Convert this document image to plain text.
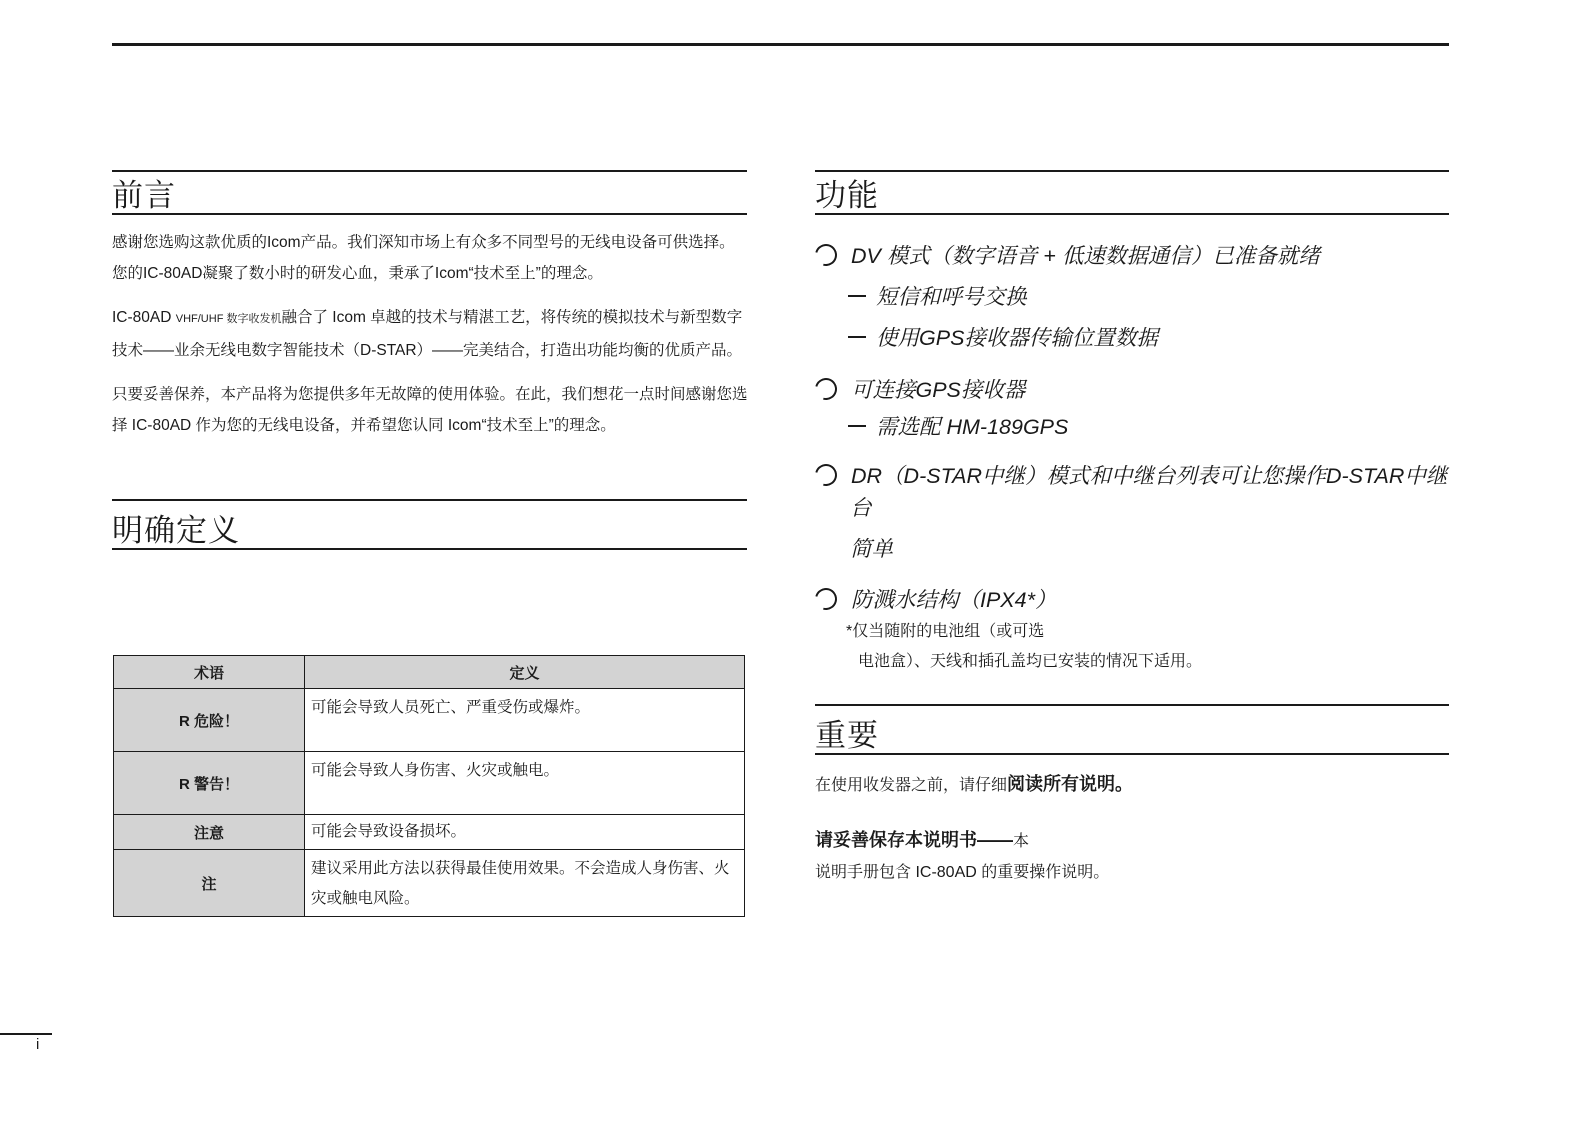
前言

感谢您选购这款优质的Icom产品。我们深知市场上有众多不同型号的无线电设备可供选择。您的IC-80AD凝聚了数小时的研发心血，秉承了Icom“技术至上”的理念。

IC-80AD VHF/UHF 数字收发机融合了 Icom 卓越的技术与精湛工艺，将传统的模拟技术与新型数字技术——业余无线电数字智能技术（D-STAR）——完美结合，打造出功能均衡的优质产品。

只要妥善保养，本产品将为您提供多年无故障的使用体验。在此，我们想花一点时间感谢您选择 IC-80AD 作为您的无线电设备，并希望您认同 Icom“技术至上”的理念。

明确定义
术语	定义
R 危险！	可能会导致人员死亡、严重受伤或爆炸。
R 警告！	可能会导致人身伤害、火灾或触电。
注意	可能会导致设备损坏。
注	建议采用此方法以获得最佳使用效果。不会造成人身伤害、火灾或触电风险。
功能
DV 模式（数字语音 + 低速数据通信）已准备就绪
短信和呼号交换
使用GPS接收器传输位置数据
可连接GPS接收器
需选配 HM-189GPS
DR（D-STAR中继）模式和中继台列表可让您操作D-STAR中继
台
简单
防溅水结构（IPX4*）
*仅当随附的电池组（或可选
电池盒）、天线和插孔盖均已安装的情况下适用。
重要
在使用收发器之前，请仔细阅读所有说明。
请妥善保存本说明书——本
说明手册包含 IC-80AD 的重要操作说明。
i
